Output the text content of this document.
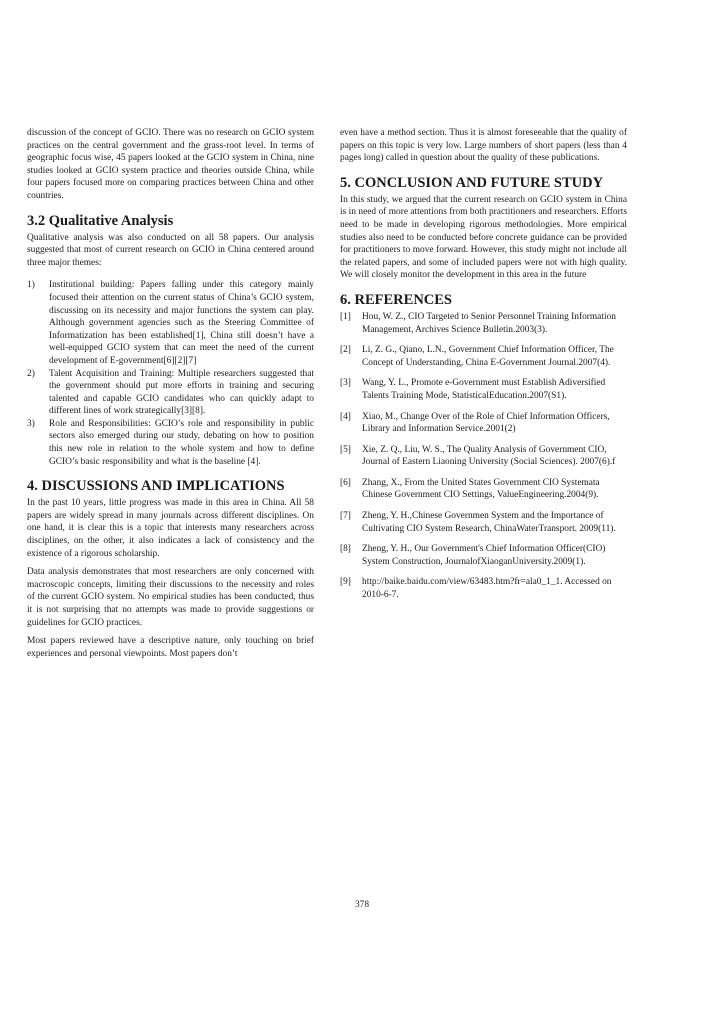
discussion of the concept of GCIO. There was no research on GCIO system practices on the central government and the grass-root level. In terms of geographic focus wise, 45 papers looked at the GCIO system in China, nine studies looked at GCIO system practice and theories outside China, while four papers focused more on comparing practices between China and other countries.

3.2 Qualitative Analysis

Qualitative analysis was also conducted on all 58 papers. Our analysis suggested that most of current research on GCIO in China centered around three major themes:

1) Institutional building: Papers falling under this category mainly focused their attention on the current status of China’s GCIO system, discussing on its necessity and major functions the system can play. Although government agencies such as the Steering Committee of Informatization has been established[1], China still doesn’t have a well-equipped GCIO system that can meet the need of the current development of E-government[6][2][7]
2) Talent Acquisition and Training: Multiple researchers suggested that the government should put more efforts in training and securing talented and capable GCIO candidates who can quickly adapt to different lines of work strategically[3][8].
3) Role and Responsibilities: GCIO’s role and responsibility in public sectors also emerged during our study, debating on how to position this new role in relation to the whole system and how to define GCIO’s basic responsibility and what is the baseline [4].
4. DISCUSSIONS AND IMPLICATIONS

In the past 10 years, little progress was made in this area in China. All 58 papers are widely spread in many journals across different disciplines. On one hand, it is clear this is a topic that interests many researchers across disciplines, on the other, it also indicates a lack of consistency and the existence of a rigorous scholarship.

Data analysis demonstrates that most researchers are only concerned with macroscopic concepts, limiting their discussions to the necessity and roles of the current GCIO system. No empirical studies has been conducted, thus it is not surprising that no attempts was made to provide suggestions or guidelines for GCIO practices.

Most papers reviewed have a descriptive nature, only touching on brief experiences and personal viewpoints. Most papers don’t

even have a method section. Thus it is almost foreseeable that the quality of papers on this topic is very low. Large numbers of short papers (less than 4 pages long) called in question about the quality of these publications.

5. CONCLUSION AND FUTURE STUDY

In this study, we argued that the current research on GCIO system in China is in need of more attentions from both practitioners and researchers. Efforts need to be made in developing rigorous methodologies. More empirical studies also need to be conducted before concrete guidance can be provided for practitioners to move forward. However, this study might not include all the related papers, and some of included papers were not with high quality. We will closely monitor the development in this area in the future

6. REFERENCES
[1] Hou, W. Z., CIO Targeted to Senior Personnel Training Information Management, Archives Science Bulletin.2003(3).
[2] Li, Z. G., Qiano, L.N., Government Chief Information Officer, The Concept of Understanding, China E-Government Journal.2007(4).
[3] Wang, Y. L., Promote e-Government must Establish Adiversified Talents Training Mode, StatisticalEducation.2007(S1).
[4] Xiao, M., Change Over of the Role of Chief Information Officers, Library and Information Service.2001(2)
[5] Xie, Z. Q., Liu, W. S., The Quality Analysis of Government CIO, Journal of Eastern Liaoning University (Social Sciences). 2007(6).f
[6] Zhang, X., From the United States Government CIO Systemata Chinese Government CIO Settings, ValueEngineering.2004(9).
[7] Zheng, Y. H.,Chinese Governmen System and the Importance of Cultivating CIO System Research, ChinaWaterTransport. 2009(11).
[8] Zheng, Y. H., Our Government's Chief Information Officer(CIO) System Construction, JournalofXiaoganUniversity.2009(1).
[9] http://baike.baidu.com/view/63483.htm?fr=ala0_1_1. Accessed on 2010-6-7.
378
